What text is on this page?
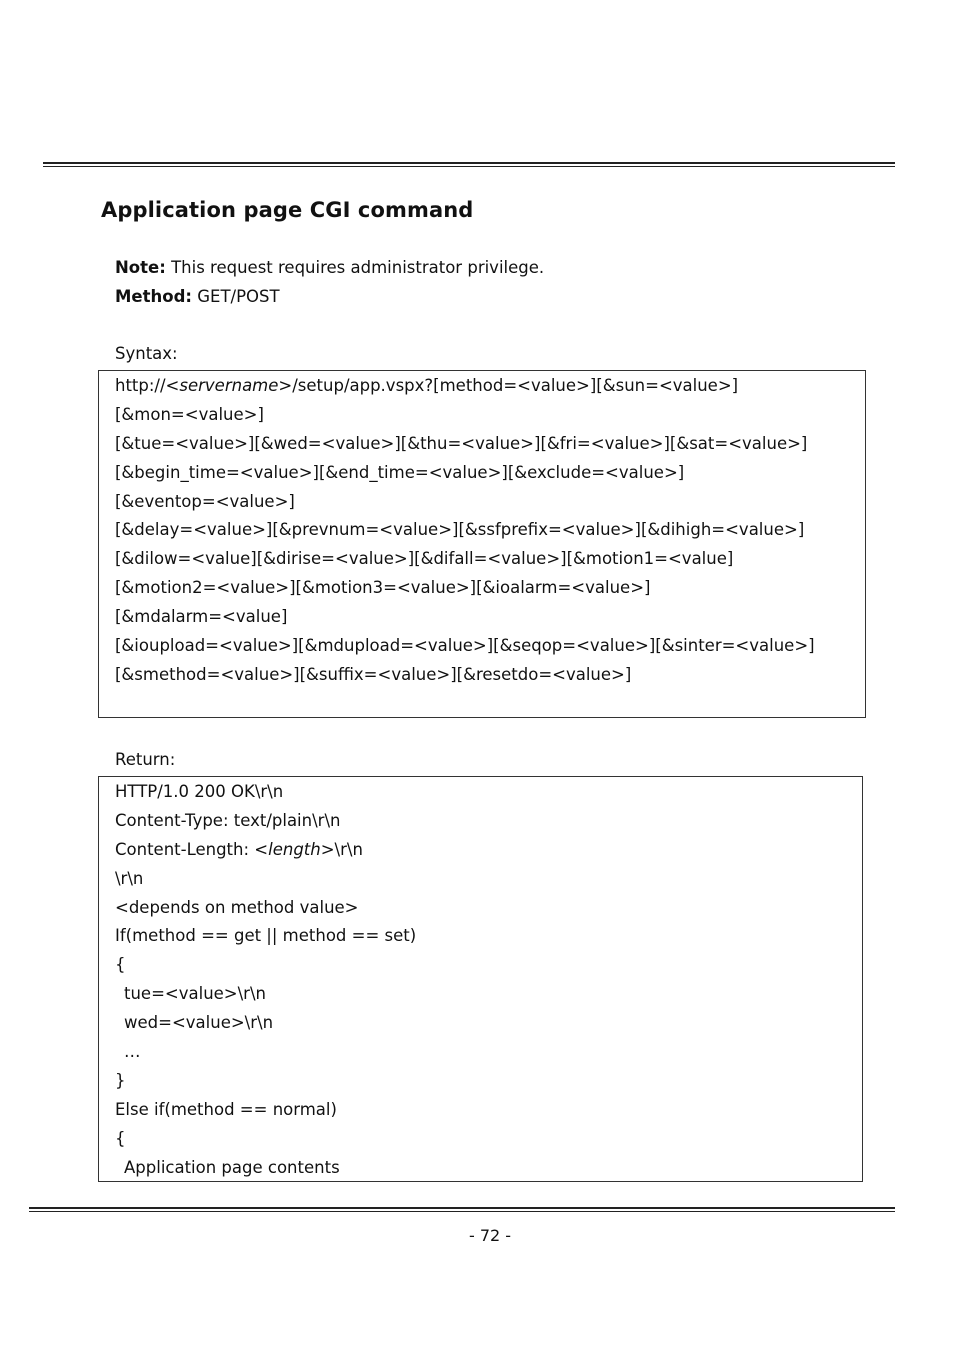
Application page CGI command
Note: This request requires administrator privilege.
Method: GET/POST
Syntax:
http://<servername>/setup/app.vspx?[method=<value>][&sun=<value>]
[&mon=<value>]
[&tue=<value>][&wed=<value>][&thu=<value>][&fri=<value>][&sat=<value>]
[&begin_time=<value>][&end_time=<value>][&exclude=<value>]
[&eventop=<value>]
[&delay=<value>][&prevnum=<value>][&ssfprefix=<value>][&dihigh=<value>]
[&dilow=<value][&dirise=<value>][&difall=<value>][&motion1=<value]
[&motion2=<value>][&motion3=<value>][&ioalarm=<value>]
[&mdalarm=<value]
[&ioupload=<value>][&mdupload=<value>][&seqop=<value>][&sinter=<value>]
[&smethod=<value>][&suffix=<value>][&resetdo=<value>]
Return:
HTTP/1.0 200 OK\r\n
Content-Type: text/plain\r\n
Content-Length: <length>\r\n
\r\n
<depends on method value>
If(method == get || method == set)
{
tue=<value>\r\n
wed=<value>\r\n
…
}
Else if(method == normal)
{
Application page contents
- 72 -
